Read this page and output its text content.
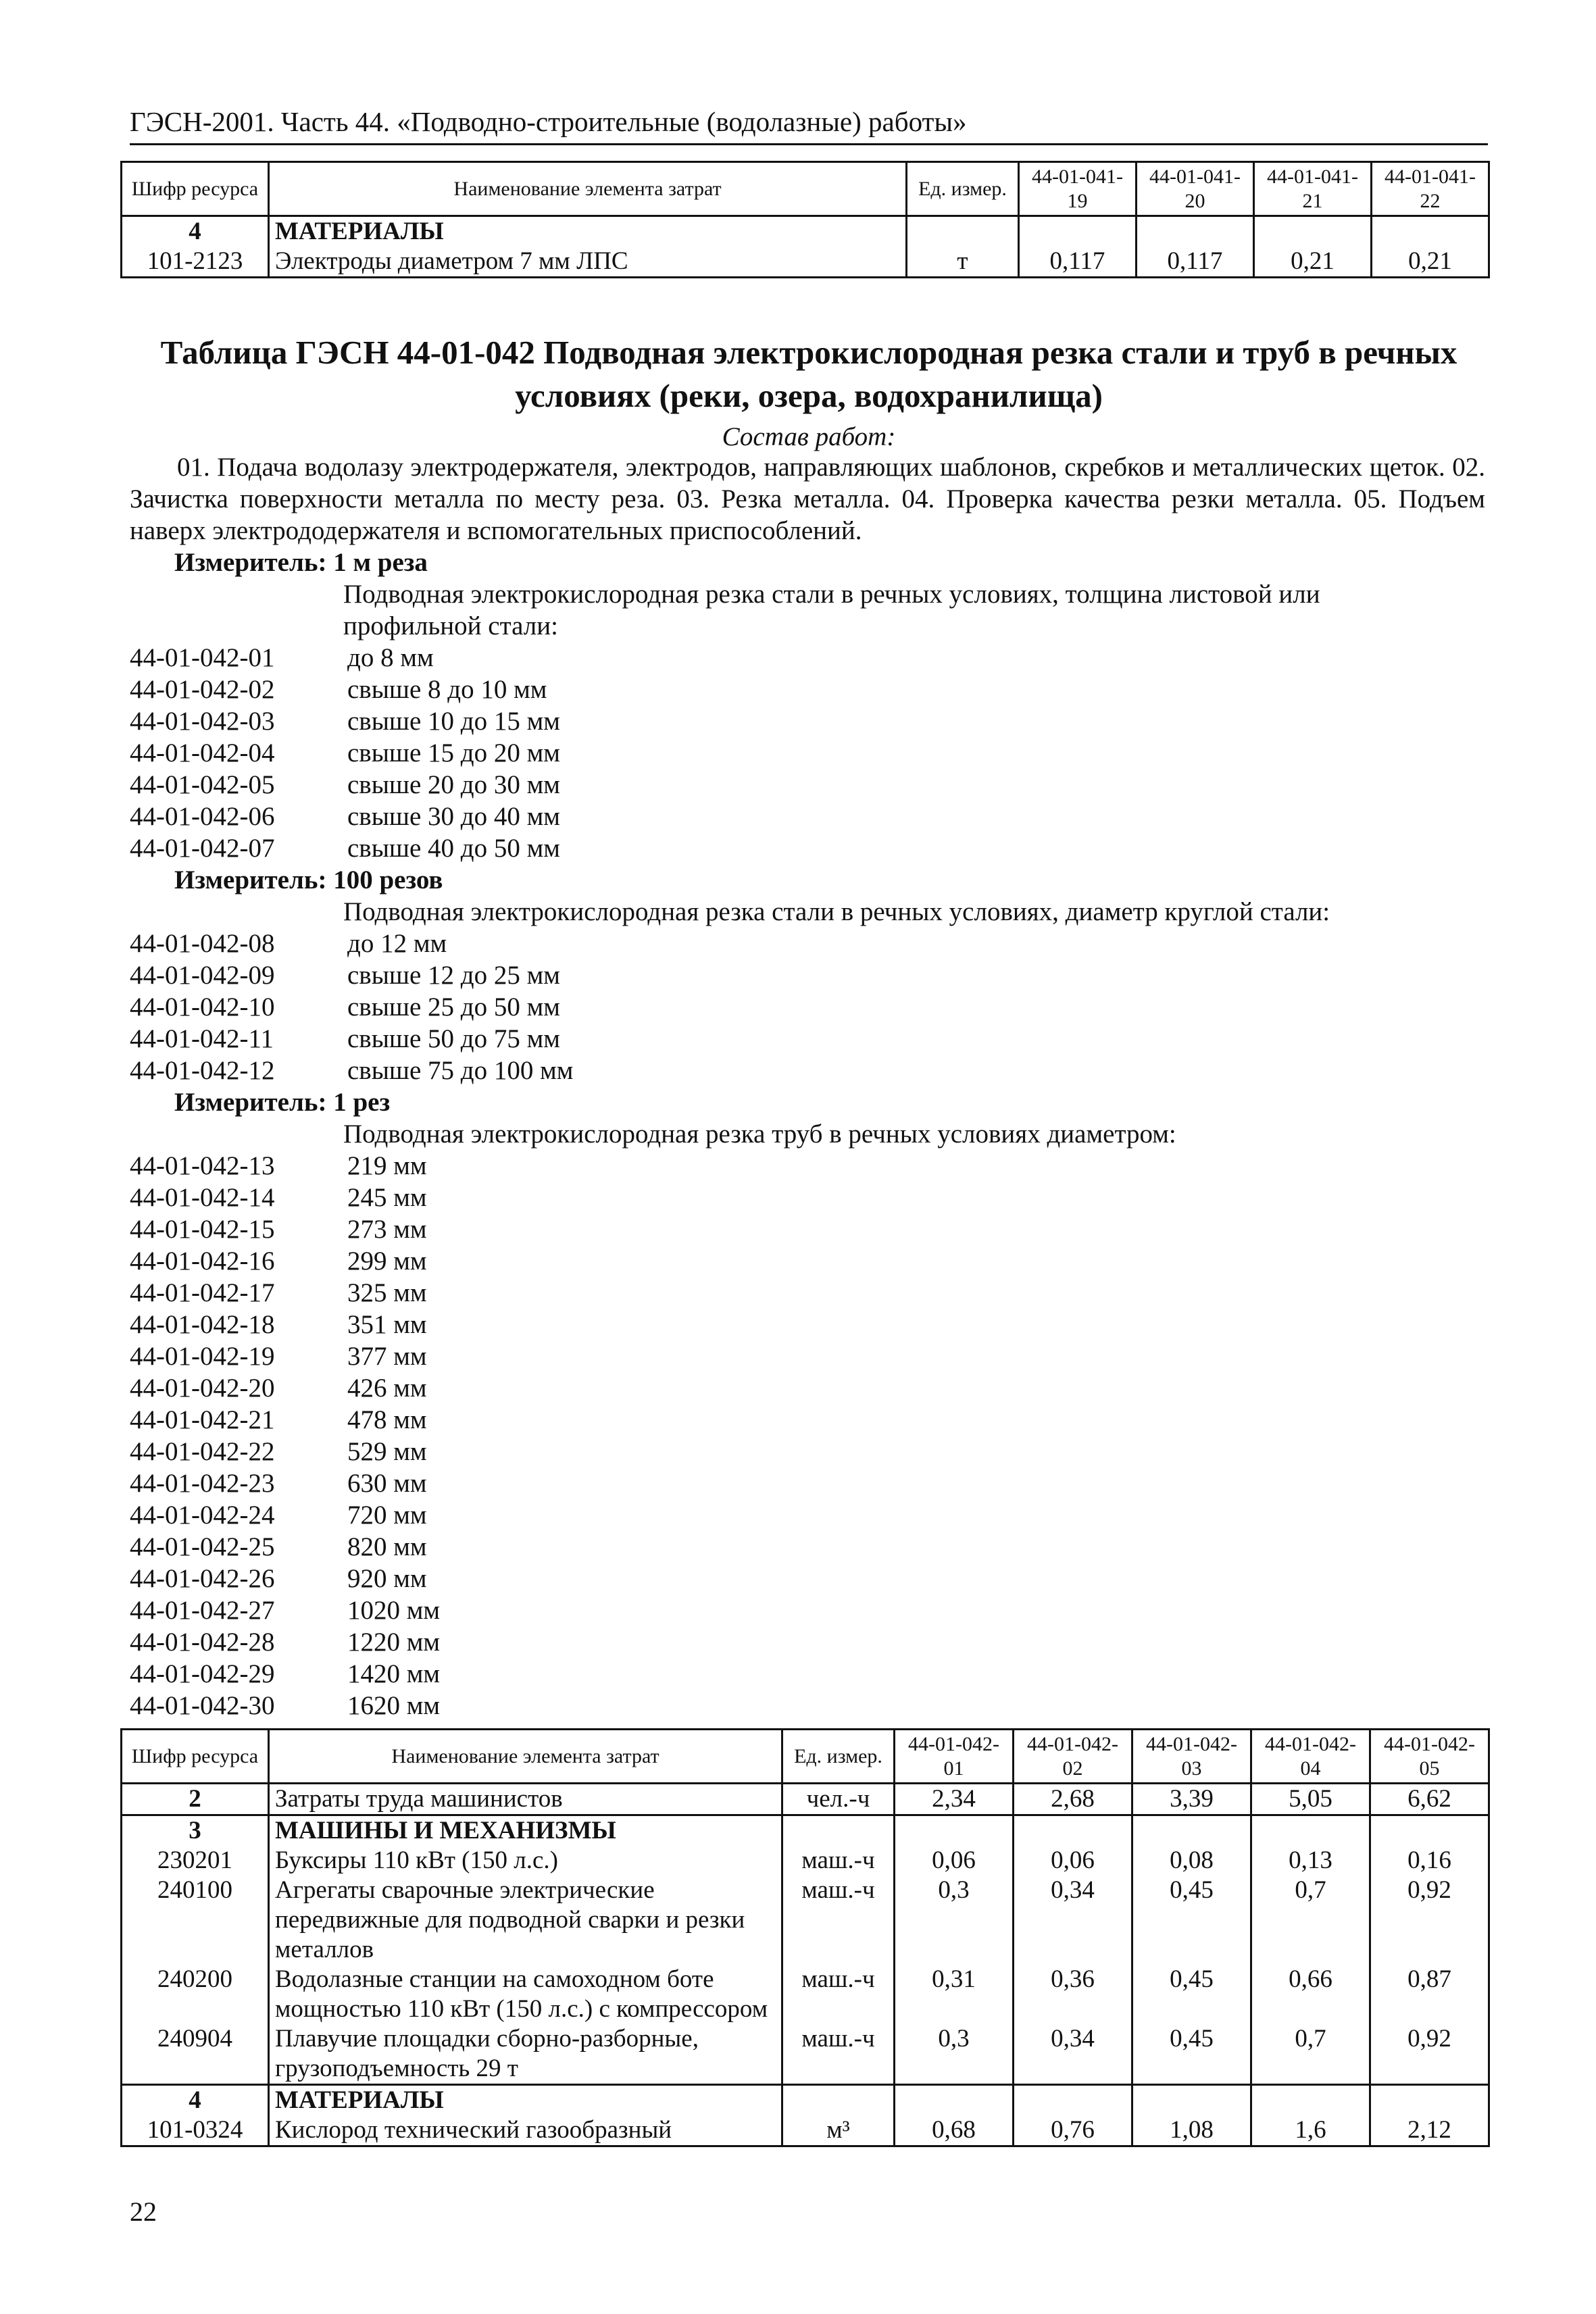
ГЭСН-2001. Часть 44. «Подводно-строительные (водолазные) работы»
Шифр ресурса	Наименование элемента затрат	Ед. измер.	44-01-041-19	44-01-041-20	44-01-041-21	44-01-041-22
4	МАТЕРИАЛЫ					
101-2123	Электроды диаметром 7 мм ЛПС	т	0,117	0,117	0,21	0,21
Таблица ГЭСН 44-01-042 Подводная электрокислородная резка стали и труб в речных условиях (реки, озера, водохранилища)
Состав работ:
01. Подача водолазу электродержателя, электродов, направляющих шаблонов, скребков и металлических щеток. 02. Зачистка поверхности металла по месту реза. 03. Резка металла. 04. Проверка качества резки металла. 05. Подъем наверх электрододержателя и вспомогательных приспособлений.
Измеритель: 1 м реза
Подводная электрокислородная резка стали в речных условиях, толщина листовой или
профильной стали:
44-01-042-01	до 8 мм
44-01-042-02	свыше 8 до 10 мм
44-01-042-03	свыше 10 до 15 мм
44-01-042-04	свыше 15 до 20 мм
44-01-042-05	свыше 20 до 30 мм
44-01-042-06	свыше 30 до 40 мм
44-01-042-07	свыше 40 до 50 мм
Измеритель: 100 резов
Подводная электрокислородная резка стали в речных условиях, диаметр круглой стали:
44-01-042-08	до 12 мм
44-01-042-09	свыше 12 до 25 мм
44-01-042-10	свыше 25 до 50 мм
44-01-042-11	свыше 50 до 75 мм
44-01-042-12	свыше 75 до 100 мм
Измеритель: 1 рез
Подводная электрокислородная резка труб в речных условиях диаметром:
44-01-042-13	219 мм
44-01-042-14	245 мм
44-01-042-15	273 мм
44-01-042-16	299 мм
44-01-042-17	325 мм
44-01-042-18	351 мм
44-01-042-19	377 мм
44-01-042-20	426 мм
44-01-042-21	478 мм
44-01-042-22	529 мм
44-01-042-23	630 мм
44-01-042-24	720 мм
44-01-042-25	820 мм
44-01-042-26	920 мм
44-01-042-27	1020 мм
44-01-042-28	1220 мм
44-01-042-29	1420 мм
44-01-042-30	1620 мм
Шифр ресурса	Наименование элемента затрат	Ед. измер.	44-01-042-01	44-01-042-02	44-01-042-03	44-01-042-04	44-01-042-05
2	Затраты труда машинистов	чел.-ч	2,34	2,68	3,39	5,05	6,62
3	МАШИНЫ И МЕХАНИЗМЫ						
230201	Буксиры 110 кВт (150 л.с.)	маш.-ч	0,06	0,06	0,08	0,13	0,16
240100	Агрегаты сварочные электрические передвижные для подводной сварки и резки металлов	маш.-ч	0,3	0,34	0,45	0,7	0,92
240200	Водолазные станции на самоходном боте мощностью 110 кВт (150 л.с.) с компрессором	маш.-ч	0,31	0,36	0,45	0,66	0,87
240904	Плавучие площадки сборно-разборные, грузоподъемность 29 т	маш.-ч	0,3	0,34	0,45	0,7	0,92
4	МАТЕРИАЛЫ						
101-0324	Кислород технический газообразный	м³	0,68	0,76	1,08	1,6	2,12
22
